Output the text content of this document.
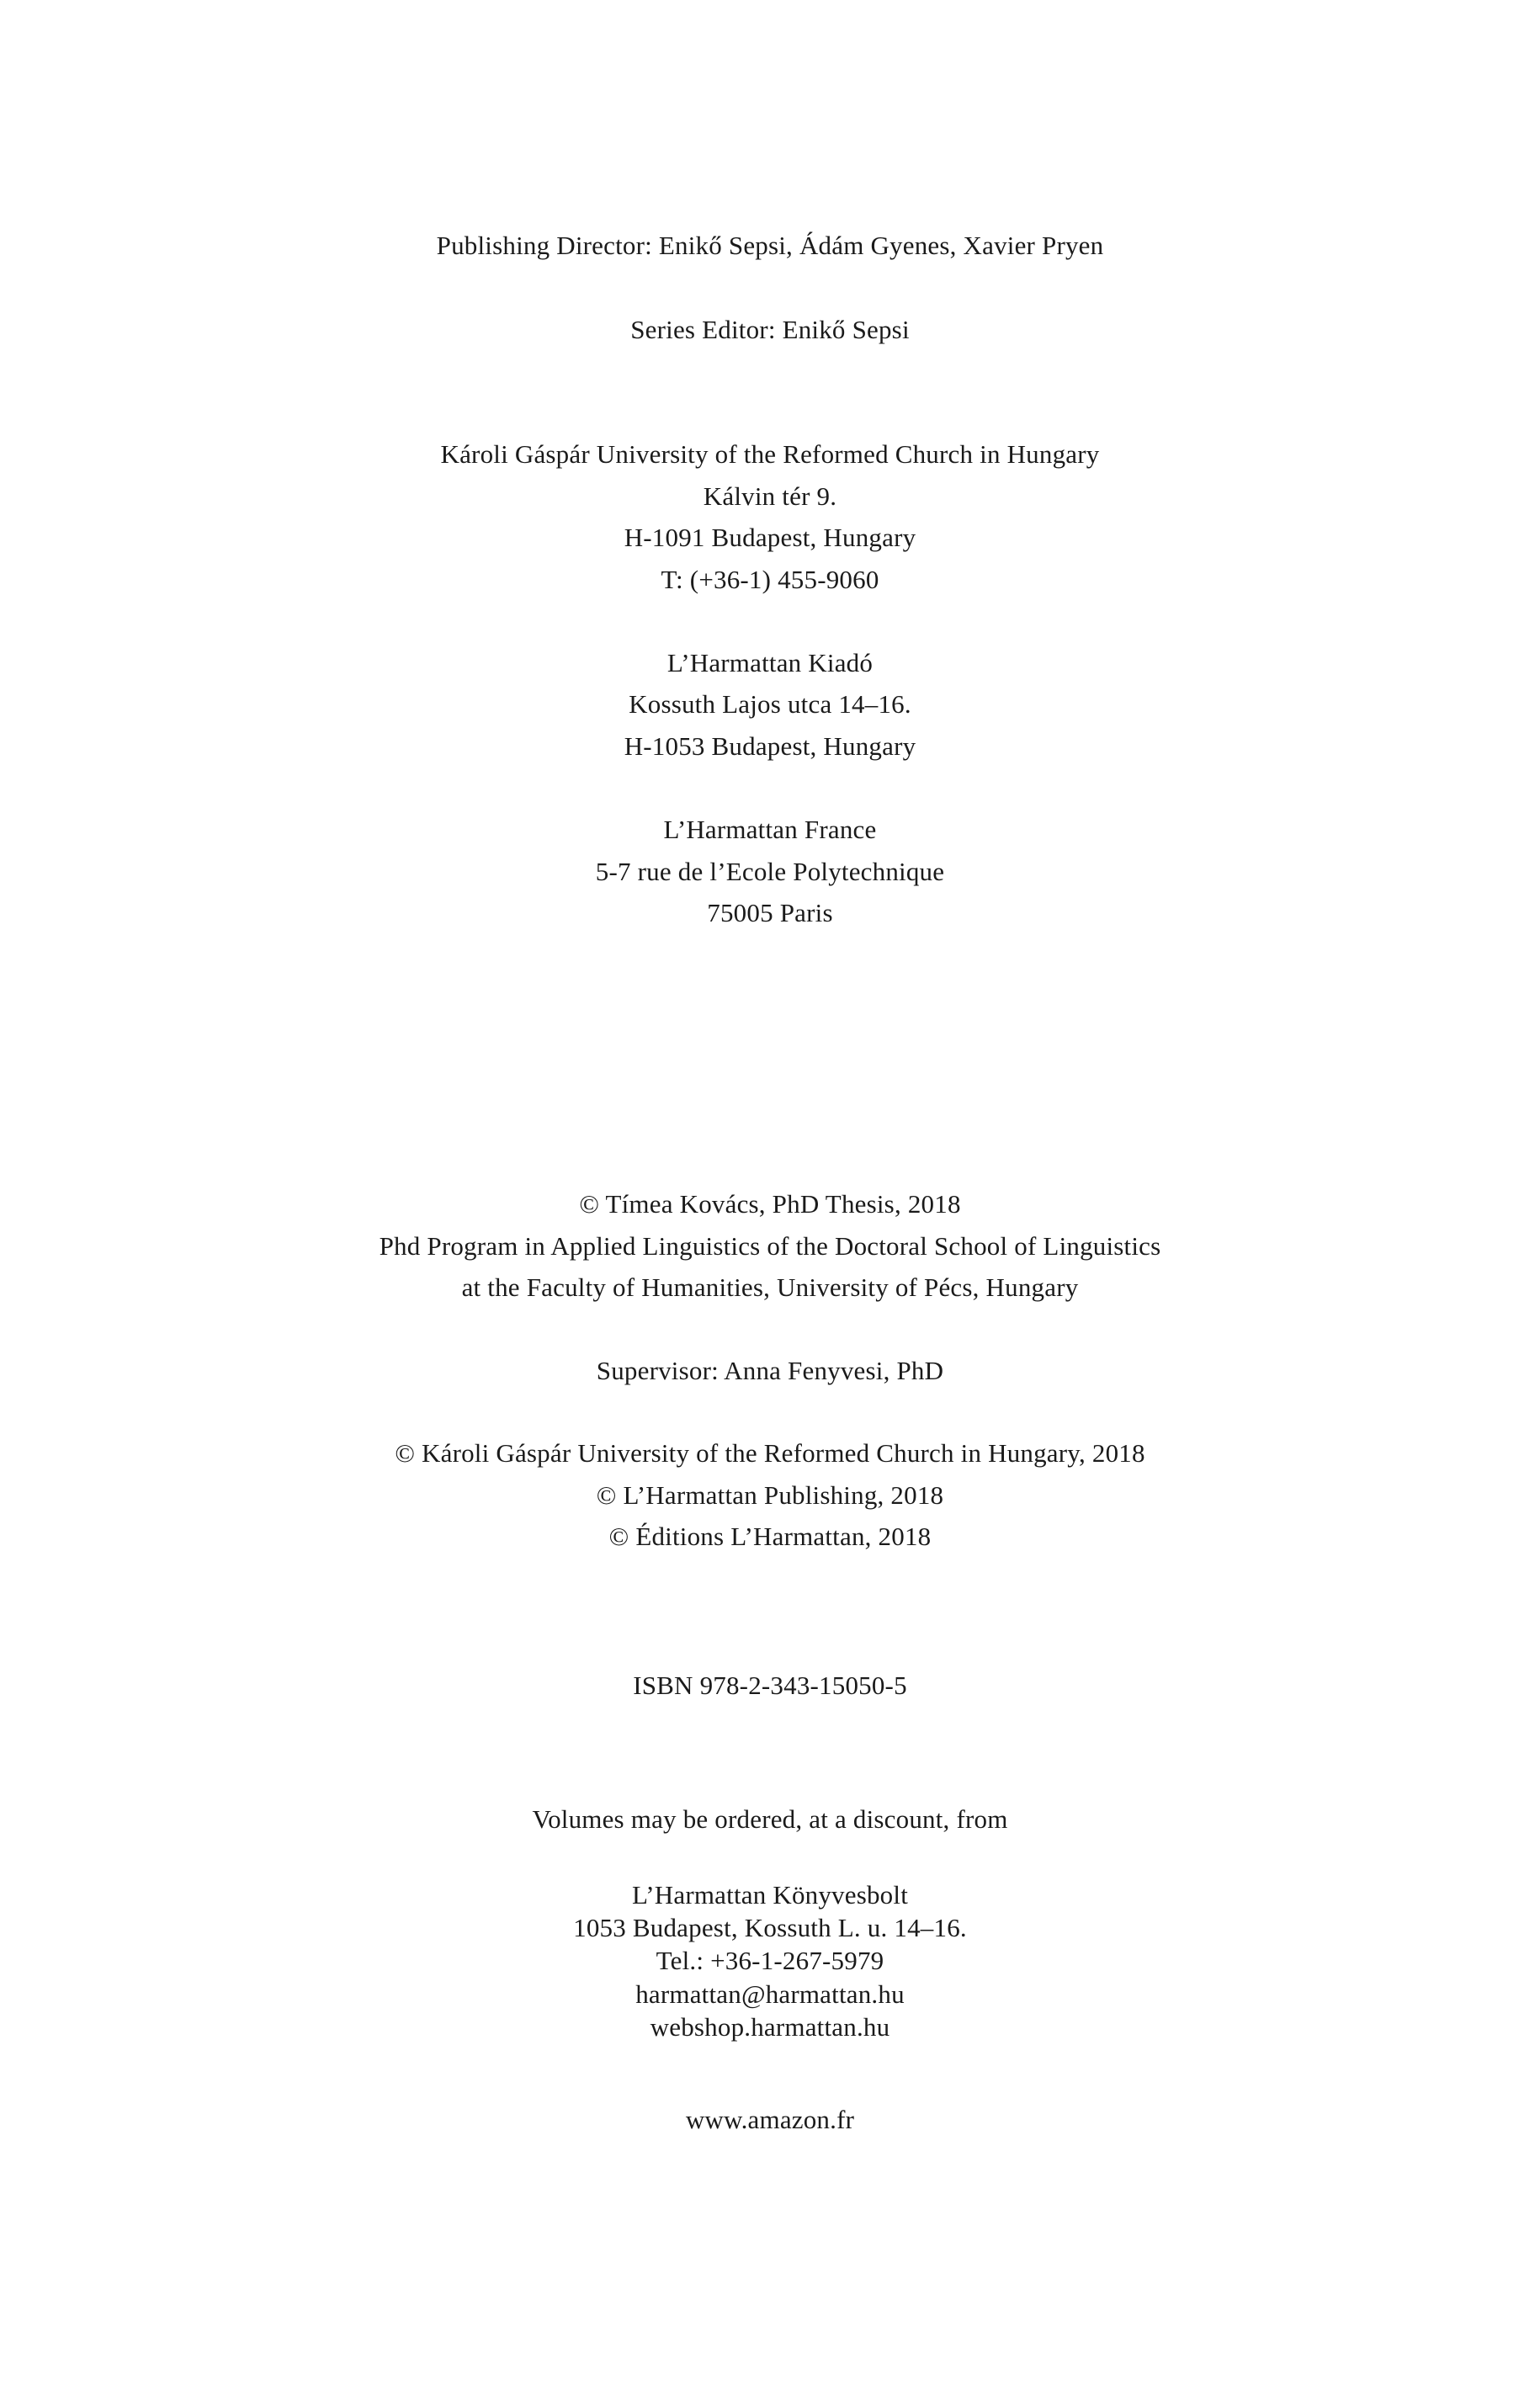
Publishing Director: Enikő Sepsi, Ádám Gyenes, Xavier Pryen
Series Editor: Enikő Sepsi
Károli Gáspár University of the Reformed Church in Hungary
Kálvin tér 9.
H-1091 Budapest, Hungary
T: (+36-1) 455-9060
L’Harmattan Kiadó
Kossuth Lajos utca 14–16.
H-1053 Budapest, Hungary
L’Harmattan France
5-7 rue de l’Ecole Polytechnique
75005 Paris
© Tímea Kovács, PhD Thesis, 2018
Phd Program in Applied Linguistics of the Doctoral School of Linguistics
at the Faculty of Humanities, University of Pécs, Hungary
Supervisor: Anna Fenyvesi, PhD
© Károli Gáspár University of the Reformed Church in Hungary, 2018
© L’Harmattan Publishing, 2018
© Éditions L’Harmattan, 2018
ISBN 978-2-343-15050-5
Volumes may be ordered, at a discount, from
L’Harmattan Könyvesbolt
1053 Budapest, Kossuth L. u. 14–16.
Tel.: +36-1-267-5979
harmattan@harmattan.hu
webshop.harmattan.hu
www.amazon.fr
